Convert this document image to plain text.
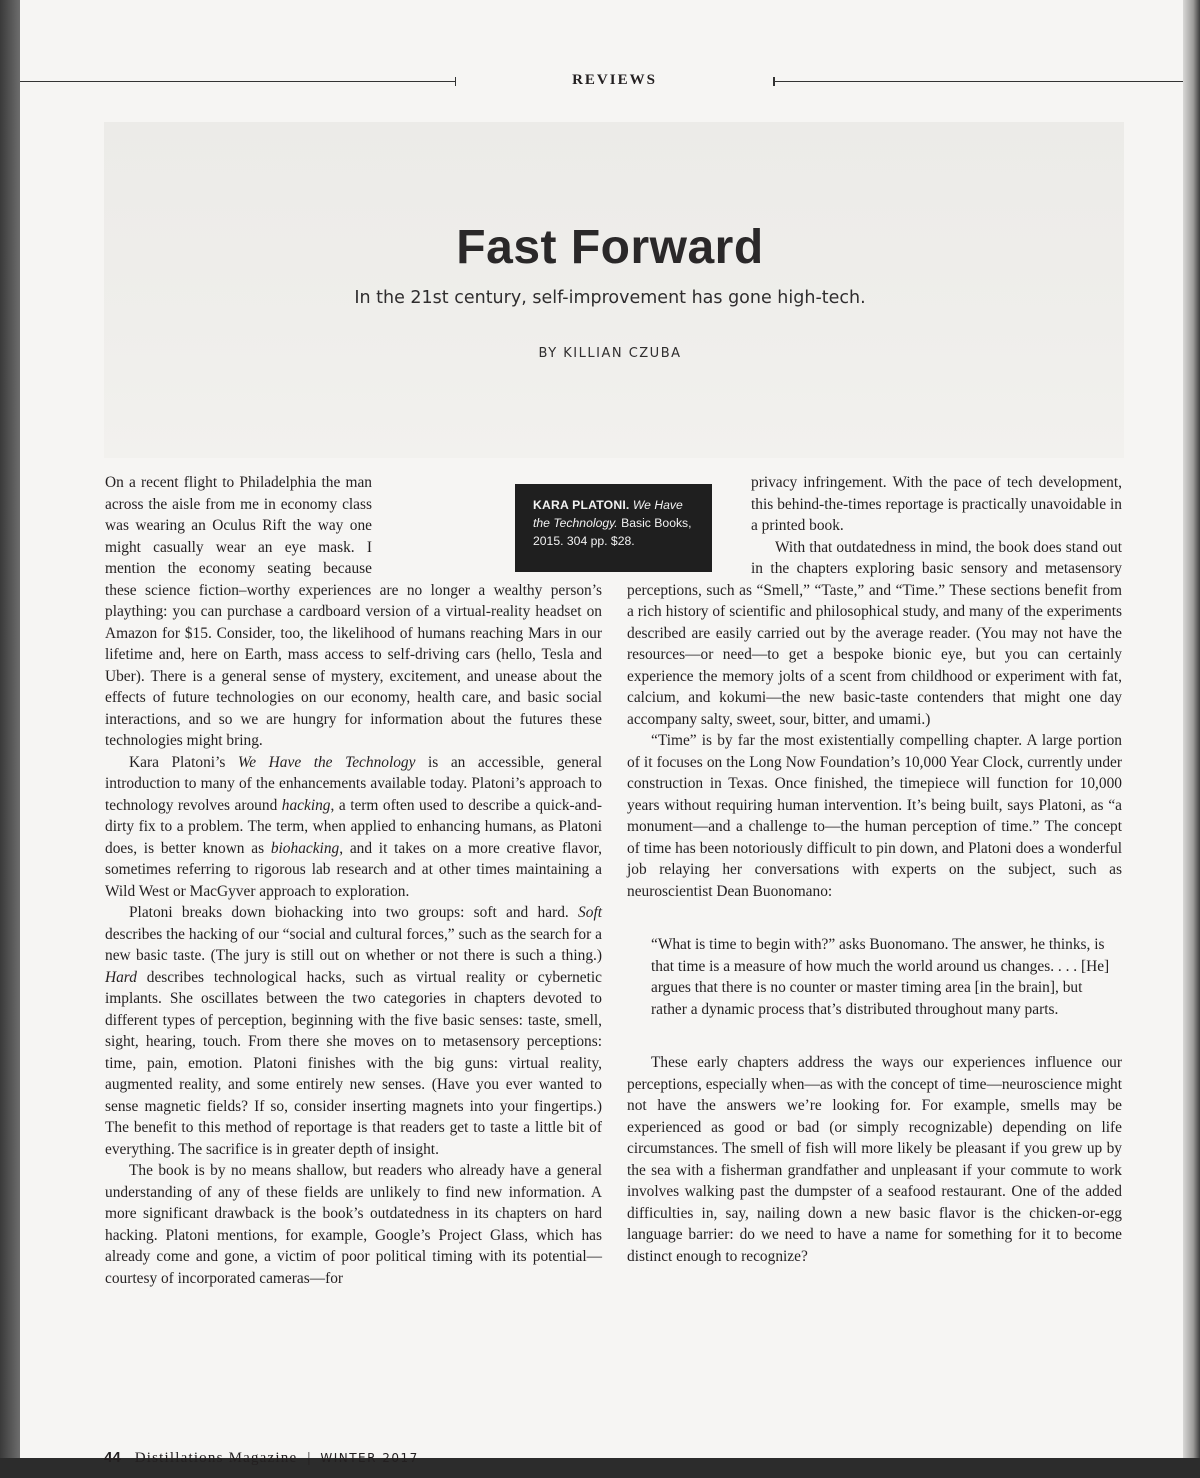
REVIEWS
Fast Forward
In the 21st century, self-improvement has gone high-tech.
BY KILLIAN CZUBA

On a recent flight to Philadelphia the man across the aisle from me in economy class was wearing an Oculus Rift the way one might casually wear an eye mask. I mention the economy seating because these science fiction–worthy experiences are no longer a wealthy person’s plaything: you can purchase a cardboard version of a virtual-reality headset on Amazon for $15. Consider, too, the likelihood of humans reaching Mars in our lifetime and, here on Earth, mass access to self-driving cars (hello, Tesla and Uber). There is a general sense of mystery, excitement, and unease about the effects of future technologies on our economy, health care, and basic social interactions, and so we are hungry for information about the futures these technologies might bring.

Kara Platoni’s We Have the Technology is an accessible, general introduction to many of the enhancements available today. Platoni’s approach to technology revolves around hacking, a term often used to describe a quick-and-dirty fix to a problem. The term, when applied to enhancing humans, as Platoni does, is better known as biohacking, and it takes on a more creative flavor, sometimes referring to rigorous lab research and at other times maintaining a Wild West or MacGyver approach to exploration.

Platoni breaks down biohacking into two groups: soft and hard. Soft describes the hacking of our “social and cultural forces,” such as the search for a new basic taste. (The jury is still out on whether or not there is such a thing.) Hard describes technological hacks, such as virtual reality or cybernetic implants. She oscillates between the two categories in chapters devoted to different types of perception, beginning with the five basic senses: taste, smell, sight, hearing, touch. From there she moves on to metasensory perceptions: time, pain, emotion. Platoni finishes with the big guns: virtual reality, augmented reality, and some entirely new senses. (Have you ever wanted to sense magnetic fields? If so, consider inserting magnets into your fingertips.) The benefit to this method of reportage is that readers get to taste a little bit of everything. The sacrifice is in greater depth of insight.

The book is by no means shallow, but readers who already have a general understanding of any of these fields are unlikely to find new information. A more significant drawback is the book’s outdatedness in its chapters on hard hacking. Platoni mentions, for example, Google’s Project Glass, which has already come and gone, a victim of poor political timing with its potential—courtesy of incorporated cameras—for

privacy infringement. With the pace of tech development, this behind-the-times reportage is practically unavoidable in a printed book.

With that outdatedness in mind, the book does stand out in the chapters exploring basic sensory and metasensory perceptions, such as “Smell,” “Taste,” and “Time.” These sections benefit from a rich history of scientific and philosophical study, and many of the experiments described are easily carried out by the average reader. (You may not have the resources—or need—to get a bespoke bionic eye, but you can certainly experience the memory jolts of a scent from childhood or experiment with fat, calcium, and kokumi—the new basic-taste contenders that might one day accompany salty, sweet, sour, bitter, and umami.)

“Time” is by far the most existentially compelling chapter. A large portion of it focuses on the Long Now Foundation’s 10,000 Year Clock, currently under construction in Texas. Once finished, the timepiece will function for 10,000 years without requiring human intervention. It’s being built, says Platoni, as “a monument—and a challenge to—the human perception of time.” The concept of time has been notoriously difficult to pin down, and Platoni does a wonderful job relaying her conversations with experts on the subject, such as neuroscientist Dean Buonomano:

“What is time to begin with?” asks Buonomano. The answer, he thinks, is that time is a measure of how much the world around us changes. . . . [He] argues that there is no counter or master timing area [in the brain], but rather a dynamic process that’s distributed throughout many parts.

These early chapters address the ways our experiences influence our perceptions, especially when—as with the concept of time—neuroscience might not have the answers we’re looking for. For example, smells may be experienced as good or bad (or simply recognizable) depending on life circumstances. The smell of fish will more likely be pleasant if you grew up by the sea with a fisherman grandfather and unpleasant if your commute to work involves walking past the dumpster of a seafood restaurant. One of the added difficulties in, say, nailing down a new basic flavor is the chicken-or-egg language barrier: do we need to have a name for something for it to become distinct enough to recognize?

KARA PLATONI. We Have the Technology. Basic Books, 2015. 304 pp. $28.
44 Distillations Magazine | WINTER 2017
